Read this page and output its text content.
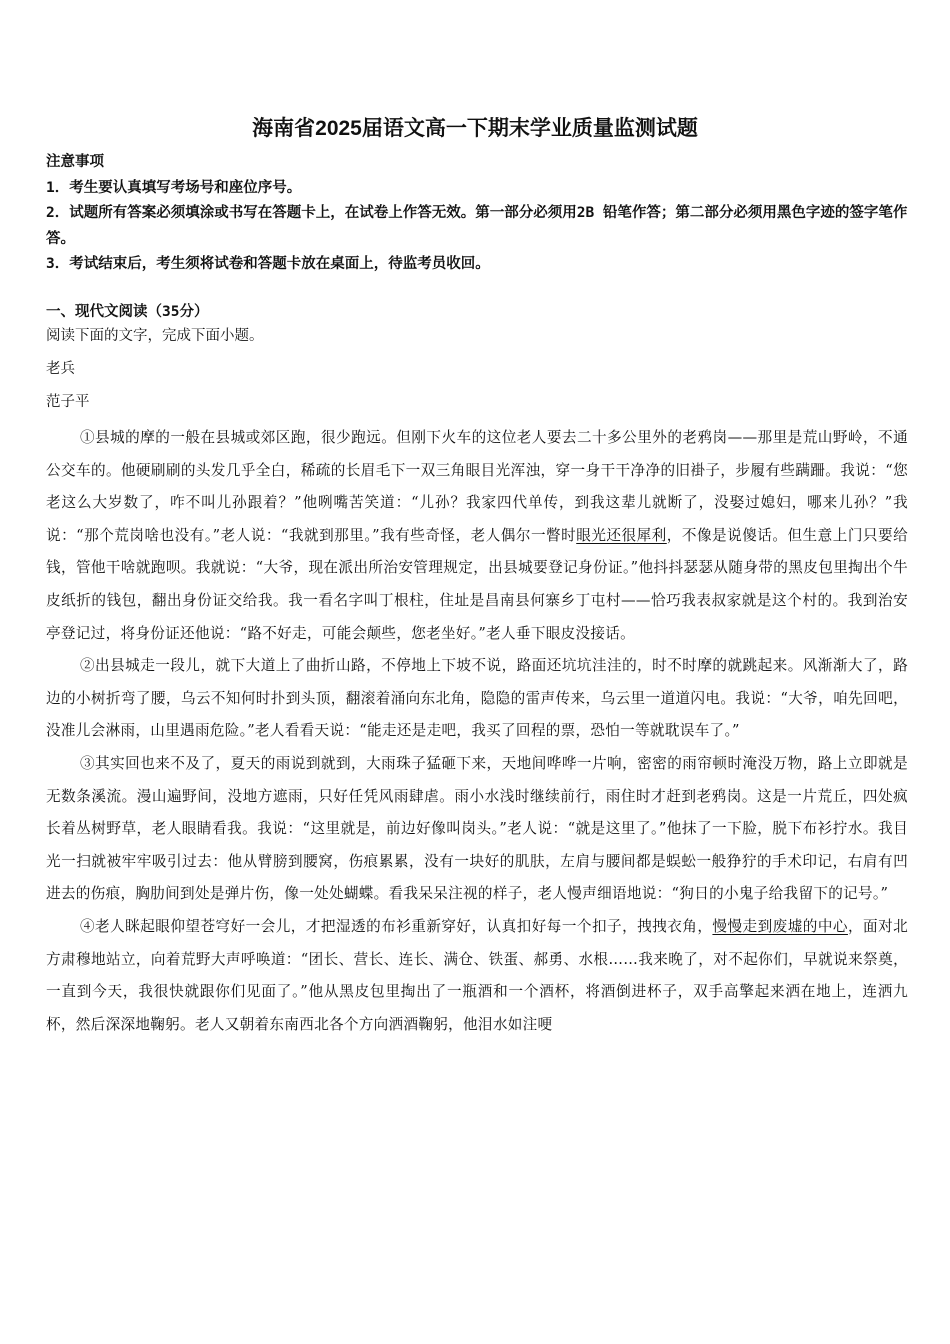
海南省2025届语文高一下期末学业质量监测试题

注意事项

1．考生要认真填写考场号和座位序号。

2．试题所有答案必须填涂或书写在答题卡上，在试卷上作答无效。第一部分必须用2B 铅笔作答；第二部分必须用黑色字迹的签字笔作答。

3．考试结束后，考生须将试卷和答题卡放在桌面上，待监考员收回。

一、现代文阅读（35分）

阅读下面的文字，完成下面小题。

老兵

范子平

①县城的摩的一般在县城或郊区跑，很少跑远。但刚下火车的这位老人要去二十多公里外的老鸦岗——那里是荒山野岭，不通公交车的。他硬刷刷的头发几乎全白，稀疏的长眉毛下一双三角眼目光浑浊，穿一身干干净净的旧褂子，步履有些蹒跚。我说：“您老这么大岁数了，咋不叫儿孙跟着？”他咧嘴苦笑道：“儿孙？我家四代单传，到我这辈儿就断了，没娶过媳妇，哪来儿孙？”我说：“那个荒岗啥也没有。”老人说：“我就到那里。”我有些奇怪，老人偶尔一瞥时眼光还很犀利，不像是说傻话。但生意上门只要给钱，管他干啥就跑呗。我就说：“大爷，现在派出所治安管理规定，出县城要登记身份证。”他抖抖瑟瑟从随身带的黑皮包里掏出个牛皮纸折的钱包，翻出身份证交给我。我一看名字叫丁根柱，住址是昌南县何寨乡丁屯村——恰巧我表叔家就是这个村的。我到治安亭登记过，将身份证还他说：“路不好走，可能会颠些，您老坐好。”老人垂下眼皮没接话。

②出县城走一段儿，就下大道上了曲折山路，不停地上下坡不说，路面还坑坑洼洼的，时不时摩的就跳起来。风渐渐大了，路边的小树折弯了腰，乌云不知何时扑到头顶，翻滚着涌向东北角，隐隐的雷声传来，乌云里一道道闪电。我说：“大爷，咱先回吧，没准儿会淋雨，山里遇雨危险。”老人看看天说：“能走还是走吧，我买了回程的票，恐怕一等就耽误车了。”

③其实回也来不及了，夏天的雨说到就到，大雨珠子猛砸下来，天地间哗哗一片响，密密的雨帘顿时淹没万物，路上立即就是无数条溪流。漫山遍野间，没地方遮雨，只好任凭风雨肆虐。雨小水浅时继续前行，雨住时才赶到老鸦岗。这是一片荒丘，四处疯长着丛树野草，老人眼睛看我。我说：“这里就是，前边好像叫岗头。”老人说：“就是这里了。”他抹了一下脸，脱下布衫拧水。我目光一扫就被牢牢吸引过去：他从臂膀到腰窝，伤痕累累，没有一块好的肌肤，左肩与腰间都是蜈蚣一般狰狞的手术印记，右肩有凹进去的伤痕，胸肋间到处是弹片伤，像一处处蝴蝶。看我呆呆注视的样子，老人慢声细语地说：“狗日的小鬼子给我留下的记号。”

④老人眯起眼仰望苍穹好一会儿，才把湿透的布衫重新穿好，认真扣好每一个扣子，拽拽衣角，慢慢走到废墟的中心，面对北方肃穆地站立，向着荒野大声呼唤道：“团长、营长、连长、满仓、铁蛋、郝勇、水根……我来晚了，对不起你们，早就说来祭奠，一直到今天，我很快就跟你们见面了。”他从黑皮包里掏出了一瓶酒和一个酒杯，将酒倒进杯子，双手高擎起来洒在地上，连洒九杯，然后深深地鞠躬。老人又朝着东南西北各个方向洒酒鞠躬，他泪水如注哽
